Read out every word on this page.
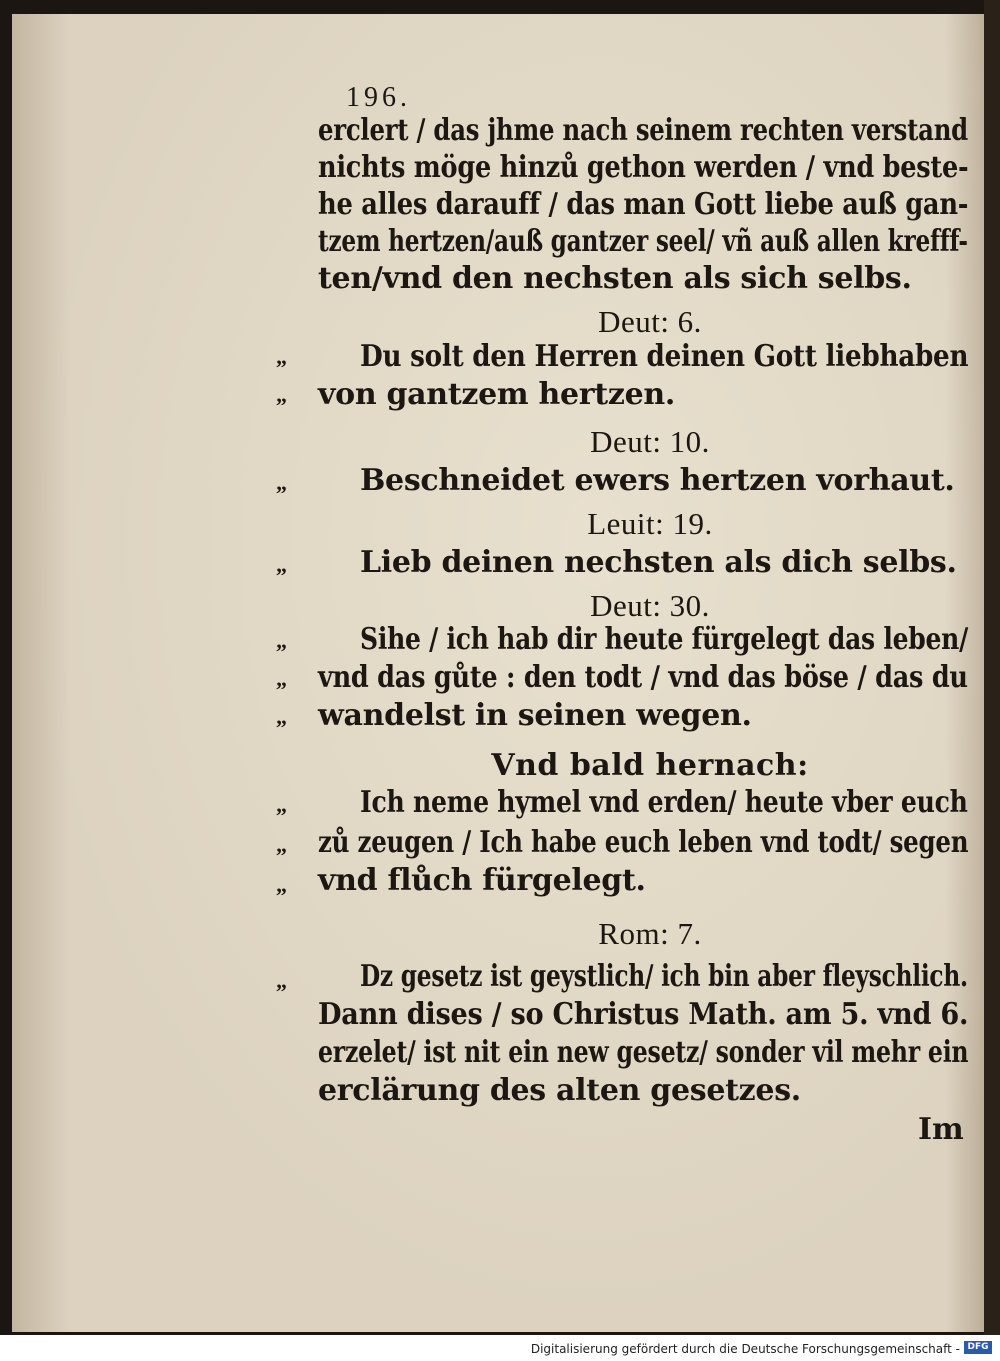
196.
erclert / das jhme nach seinem rechten verstand
nichts möge hinzů gethon werden / vnd beste-
he alles darauff / das man Gott liebe auß gan-
tzem hertzen/auß gantzer seel/ vñ auß allen krefff-
ten/vnd den nechsten als sich selbs.
Deut: 6.
„ Du solt den Herren deinen Gott liebhaben
„ von gantzem hertzen.
Deut: 10.
„ Beschneidet ewers hertzen vorhaut.
Leuit: 19.
„ Lieb deinen nechsten als dich selbs.
Deut: 30.
„ Sihe / ich hab dir heute fürgelegt das leben/
„ vnd das gůte : den todt / vnd das böse / das du
„ wandelst in seinen wegen.
Vnd bald hernach:
„ Ich neme hymel vnd erden/ heute vber euch
„ zů zeugen / Ich habe euch leben vnd todt/ segen
„ vnd flůch fürgelegt.
Rom: 7.
„ Dz gesetz ist geystlich/ ich bin aber fleyschlich.
Dann dises / so Christus Math. am 5. vnd 6.
erzelet/ ist nit ein new gesetz/ sonder vil mehr ein
erclärung des alten gesetzes.
Im
Digitalisierung gefördert durch die Deutsche Forschungsgemeinschaft - DFG
